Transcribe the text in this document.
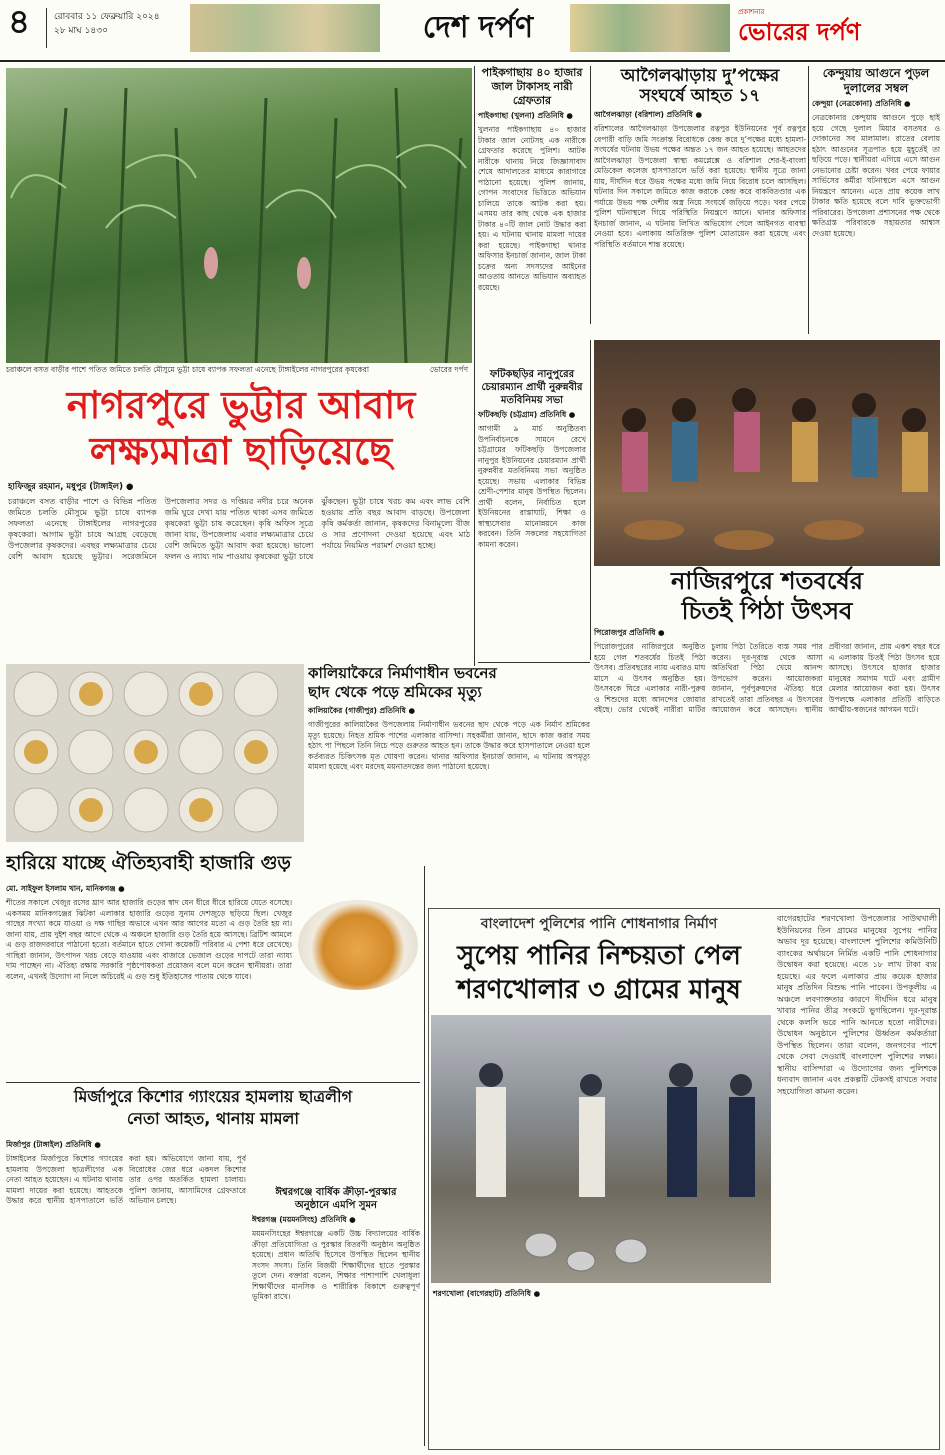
৪	রোববার ১১ ফেব্রুয়ারি ২০২৪
২৮ মাঘ ১৪৩০	দেশ দর্পণ	প্রকাশনার
ভোরের দর্পণ
চরাঞ্চলে বসত বাড়ীর পাশে পতিত জমিতে চলতি মৌসুমে ভুট্টা চাষে ব্যাপক সফলতা এনেছে টাঙ্গাইলের নাগরপুরের কৃষকেরা	ভোরের দর্পণ
নাগরপুরে ভুট্টার আবাদ
লক্ষ্যমাত্রা ছাড়িয়েছে

হাফিজুর রহমান, মধুপুর (টাঙ্গাইল) ●

চরাঞ্চলে বসত বাড়ীর পাশে ও বিভিন্ন পতিত জমিতে চলতি মৌসুমে ভুট্টা চাষে ব্যাপক সফলতা এনেছে টাঙ্গাইলের নাগরপুরের কৃষকেরা। আগাম ভুট্টা চাষে আগ্রহ বেড়েছে উপজেলার কৃষকদের। এবছর লক্ষ্যমাত্রার চেয়ে বেশি আবাদ হয়েছে ভুট্টার। সরেজমিনে উপজেলার সদর ও দপ্তিয়র নদীর চরে অনেক জমি ঘুরে দেখা যায় পতিত থাকা এসব জমিতে কৃষকেরা ভুট্টা চাষ করেছেন। কৃষি অফিস সূত্রে জানা যায়, উপজেলায় এবার লক্ষ্যমাত্রার চেয়ে বেশি জমিতে ভুট্টা আবাদ করা হয়েছে। ভালো ফলন ও ন্যায্য দাম পাওয়ায় কৃষকেরা ভুট্টা চাষে ঝুঁকছেন। ভুট্টা চাষে খরচ কম এবং লাভ বেশি হওয়ায় প্রতি বছর আবাদ বাড়ছে। উপজেলা কৃষি কর্মকর্তা জানান, কৃষকদের বিনামূল্যে বীজ ও সার প্রণোদনা দেওয়া হয়েছে এবং মাঠ পর্যায়ে নিয়মিত পরামর্শ দেওয়া হচ্ছে।

পাইকগাছায় ৪০ হাজার জাল টাকাসহ নারী গ্রেফতার

পাইকগাছা (খুলনা) প্রতিনিধি ●

খুলনার পাইকগাছায় ৪০ হাজার টাকার জাল নোটসহ এক নারীকে গ্রেফতার করেছে পুলিশ। আটক নারীকে থানায় নিয়ে জিজ্ঞাসাবাদ শেষে আদালতের মাধ্যমে কারাগারে পাঠানো হয়েছে। পুলিশ জানায়, গোপন সংবাদের ভিত্তিতে অভিযান চালিয়ে তাকে আটক করা হয়। এসময় তার কাছ থেকে এক হাজার টাকার ৪০টি জাল নোট উদ্ধার করা হয়। এ ঘটনায় থানায় মামলা দায়ের করা হয়েছে। পাইকগাছা থানার অফিসার ইনচার্জ জানান, জাল টাকা চক্রের অন্য সদস্যদের আইনের আওতায় আনতে অভিযান অব্যাহত রয়েছে।

আগৈলঝাড়ায় দু’পক্ষের
সংঘর্ষে আহত ১৭

আগৈলঝাড়া (বরিশাল) প্রতিনিধি ●

বরিশালের আগৈলঝাড়া উপজেলার রত্নপুর ইউনিয়নের পূর্ব রত্নপুর বেপারী বাড়ি জমি সংক্রান্ত বিরোধকে কেন্দ্র করে দু’পক্ষের মধ্যে হামলা-সংঘর্ষের ঘটনায় উভয় পক্ষের অন্তত ১৭ জন আহত হয়েছে। আহতদের আগৈলঝাড়া উপজেলা স্বাস্থ্য কমপ্লেক্সে ও বরিশাল শের-ই-বাংলা মেডিকেল কলেজ হাসপাতালে ভর্তি করা হয়েছে। স্থানীয় সূত্রে জানা যায়, দীর্ঘদিন ধরে উভয় পক্ষের মধ্যে জমি নিয়ে বিরোধ চলে আসছিল। ঘটনার দিন সকালে জমিতে কাজ করাকে কেন্দ্র করে বাকবিতণ্ডার এক পর্যায়ে উভয় পক্ষ দেশীয় অস্ত্র নিয়ে সংঘর্ষে জড়িয়ে পড়ে। খবর পেয়ে পুলিশ ঘটনাস্থলে গিয়ে পরিস্থিতি নিয়ন্ত্রণে আনে। থানার অফিসার ইনচার্জ জানান, এ ঘটনায় লিখিত অভিযোগ পেলে আইনগত ব্যবস্থা নেওয়া হবে। এলাকায় অতিরিক্ত পুলিশ মোতায়েন করা হয়েছে এবং পরিস্থিতি বর্তমানে শান্ত রয়েছে।

কেন্দুয়ায় আগুনে পুড়ল
দুলালের সম্বল

কেন্দুয়া (নেত্রকোনা) প্রতিনিধি ●

নেত্রকোনার কেন্দুয়ায় আগুনে পুড়ে ছাই হয়ে গেছে দুলাল মিয়ার বসতঘর ও দোকানের সব মালামাল। রাতের বেলায় হঠাৎ আগুনের সূত্রপাত হয়ে মুহূর্তেই তা ছড়িয়ে পড়ে। স্থানীয়রা এগিয়ে এসে আগুন নেভানোর চেষ্টা করেন। খবর পেয়ে ফায়ার সার্ভিসের কর্মীরা ঘটনাস্থলে এসে আগুন নিয়ন্ত্রণে আনেন। এতে প্রায় কয়েক লাখ টাকার ক্ষতি হয়েছে বলে দাবি ভুক্তভোগী পরিবারের। উপজেলা প্রশাসনের পক্ষ থেকে ক্ষতিগ্রস্ত পরিবারকে সহায়তার আশ্বাস দেওয়া হয়েছে।

ফটিকছড়ির নানুপুরের চেয়ারম্যান প্রার্থী নুরুন্নবীর মতবিনিময় সভা

ফটিকছড়ি (চট্টগ্রাম) প্রতিনিধি ●

আগামী ৯ মার্চ অনুষ্ঠিতব্য উপনির্বাচনকে সামনে রেখে চট্টগ্রামের ফটিকছড়ি উপজেলার নানুপুর ইউনিয়নের চেয়ারম্যান প্রার্থী নুরুন্নবীর মতবিনিময় সভা অনুষ্ঠিত হয়েছে। সভায় এলাকার বিভিন্ন শ্রেণী-পেশার মানুষ উপস্থিত ছিলেন। প্রার্থী বলেন, নির্বাচিত হলে ইউনিয়নের রাস্তাঘাট, শিক্ষা ও স্বাস্থ্যসেবার মানোন্নয়নে কাজ করবেন। তিনি সকলের সহযোগিতা কামনা করেন।

নাজিরপুরে শতবর্ষের
চিতই পিঠা উৎসব
কালিয়াকৈরে নির্মাণাধীন ভবনের
ছাদ থেকে পড়ে শ্রমিকের মৃত্যু

কালিয়াকৈর (গাজীপুর) প্রতিনিধি ●

গাজীপুরের কালিয়াকৈর উপজেলায় নির্মাণাধীন ভবনের ছাদ থেকে পড়ে এক নির্মাণ শ্রমিকের মৃত্যু হয়েছে। নিহত শ্রমিক পাশের এলাকার বাসিন্দা। সহকর্মীরা জানান, ছাদে কাজ করার সময় হঠাৎ পা পিছলে তিনি নিচে পড়ে গুরুতর আহত হন। তাকে উদ্ধার করে হাসপাতালে নেওয়া হলে কর্তব্যরত চিকিৎসক মৃত ঘোষণা করেন। থানার অফিসার ইনচার্জ জানান, এ ঘটনায় অপমৃত্যু মামলা হয়েছে এবং মরদেহ ময়নাতদন্তের জন্য পাঠানো হয়েছে।

পিরোজপুর প্রতিনিধি ●

পিরোজপুরের নাজিরপুরে অনুষ্ঠিত হয়ে গেল শতবর্ষের চিতই পিঠা উৎসব। প্রতিবছরের ন্যায় এবারও মাঘ মাসে এ উৎসব অনুষ্ঠিত হয়। উৎসবকে ঘিরে এলাকার নারী-পুরুষ ও শিশুদের মধ্যে আনন্দের জোয়ার বইছে। ভোর থেকেই নারীরা মাটির চুলায় পিঠা তৈরিতে ব্যস্ত সময় পার করেন। দূর-দূরান্ত থেকে আসা অতিথিরা পিঠা খেয়ে আনন্দ উপভোগ করেন। আয়োজকরা জানান, পূর্বপুরুষদের ঐতিহ্য ধরে রাখতেই তারা প্রতিবছর এ উৎসবের আয়োজন করে আসছেন। স্থানীয় প্রবীণরা জানান, প্রায় একশ বছর ধরে এ এলাকায় চিতই পিঠা উৎসব হয়ে আসছে। উৎসবে হাজার হাজার মানুষের সমাগম ঘটে এবং গ্রামীণ মেলার আয়োজন করা হয়। উৎসব উপলক্ষে এলাকার প্রতিটি বাড়িতে আত্মীয়-স্বজনের আগমন ঘটে।

হারিয়ে যাচ্ছে ঐতিহ্যবাহী হাজারি গুড়

মো. সাইফুল ইসলাম খান, মানিকগঞ্জ ●

শীতের সকালে খেজুর রসের ঘ্রাণ আর হাজারি গুড়ের স্বাদ যেন ধীরে ধীরে হারিয়ে যেতে বসেছে। একসময় মানিকগঞ্জের ঝিটকা এলাকার হাজারি গুড়ের সুনাম দেশজুড়ে ছড়িয়ে ছিল। খেজুর গাছের সংখ্যা কমে যাওয়া ও দক্ষ গাছির অভাবে এখন আর আগের মতো এ গুড় তৈরি হয় না। জানা যায়, প্রায় দুইশ বছর আগে থেকে এ অঞ্চলে হাজারি গুড় তৈরি হয়ে আসছে। ব্রিটিশ আমলে এ গুড় রাজদরবারে পাঠানো হতো। বর্তমানে হাতে গোনা কয়েকটি পরিবার এ পেশা ধরে রেখেছে। গাছিরা জানান, উৎপাদন খরচ বেড়ে যাওয়ায় এবং বাজারে ভেজাল গুড়ের দাপটে তারা ন্যায্য দাম পাচ্ছেন না। ঐতিহ্য রক্ষায় সরকারি পৃষ্ঠপোষকতা প্রয়োজন বলে মনে করেন স্থানীয়রা। তারা বলেন, এখনই উদ্যোগ না নিলে অচিরেই এ গুড় শুধু ইতিহাসের পাতায় থেকে যাবে।

মির্জাপুরে কিশোর গ্যাংয়ের হামলায় ছাত্রলীগ
নেতা আহত, থানায় মামলা

মির্জাপুর (টাঙ্গাইল) প্রতিনিধি ●

টাঙ্গাইলের মির্জাপুরে কিশোর গ্যাংয়ের হামলায় উপজেলা ছাত্রলীগের এক নেতা আহত হয়েছেন। এ ঘটনায় থানায় মামলা দায়ের করা হয়েছে। আহতকে উদ্ধার করে স্থানীয় হাসপাতালে ভর্তি করা হয়। অভিযোগে জানা যায়, পূর্ব বিরোধের জের ধরে একদল কিশোর তার ওপর অতর্কিত হামলা চালায়। পুলিশ জানায়, আসামিদের গ্রেফতারে অভিযান চলছে।

ঈশ্বরগঞ্জে বার্ষিক ক্রীড়া-পুরস্কার
অনুষ্ঠানে এমপি সুমন

ঈশ্বরগঞ্জ (ময়মনসিংহ) প্রতিনিধি ●

ময়মনসিংহের ঈশ্বরগঞ্জে একটি উচ্চ বিদ্যালয়ের বার্ষিক ক্রীড়া প্রতিযোগিতা ও পুরস্কার বিতরণী অনুষ্ঠান অনুষ্ঠিত হয়েছে। প্রধান অতিথি হিসেবে উপস্থিত ছিলেন স্থানীয় সংসদ সদস্য। তিনি বিজয়ী শিক্ষার্থীদের হাতে পুরস্কার তুলে দেন। বক্তারা বলেন, শিক্ষার পাশাপাশি খেলাধুলা শিক্ষার্থীদের মানসিক ও শারীরিক বিকাশে গুরুত্বপূর্ণ ভূমিকা রাখে।

বাংলাদেশ পুলিশের পানি শোধনাগার নির্মাণ
সুপেয় পানির নিশ্চয়তা পেল
শরণখোলার ৩ গ্রামের মানুষ

বাগেরহাটের শরণখোলা উপজেলার সাউথখালী ইউনিয়নের তিন গ্রামের মানুষের সুপেয় পানির অভাব দূর হয়েছে। বাংলাদেশ পুলিশের কমিউনিটি ব্যাংকের অর্থায়নে নির্মিত একটি পানি শোধনাগার উদ্বোধন করা হয়েছে। এতে ১৮ লাখ টাকা ব্যয় হয়েছে। এর ফলে এলাকার প্রায় কয়েক হাজার মানুষ প্রতিদিন বিশুদ্ধ পানি পাবেন। উপকূলীয় এ অঞ্চলে লবণাক্ততার কারণে দীর্ঘদিন ধরে মানুষ খাবার পানির তীব্র সংকটে ভুগছিলেন। দূর-দূরান্ত থেকে কলসি ভরে পানি আনতে হতো নারীদের। উদ্বোধন অনুষ্ঠানে পুলিশের ঊর্ধ্বতন কর্মকর্তারা উপস্থিত ছিলেন। তারা বলেন, জনগণের পাশে থেকে সেবা দেওয়াই বাংলাদেশ পুলিশের লক্ষ্য। স্থানীয় বাসিন্দারা এ উদ্যোগের জন্য পুলিশকে ধন্যবাদ জানান এবং প্রকল্পটি টেকসই রাখতে সবার সহযোগিতা কামনা করেন।

শরণখোলা (বাগেরহাট) প্রতিনিধি ●
